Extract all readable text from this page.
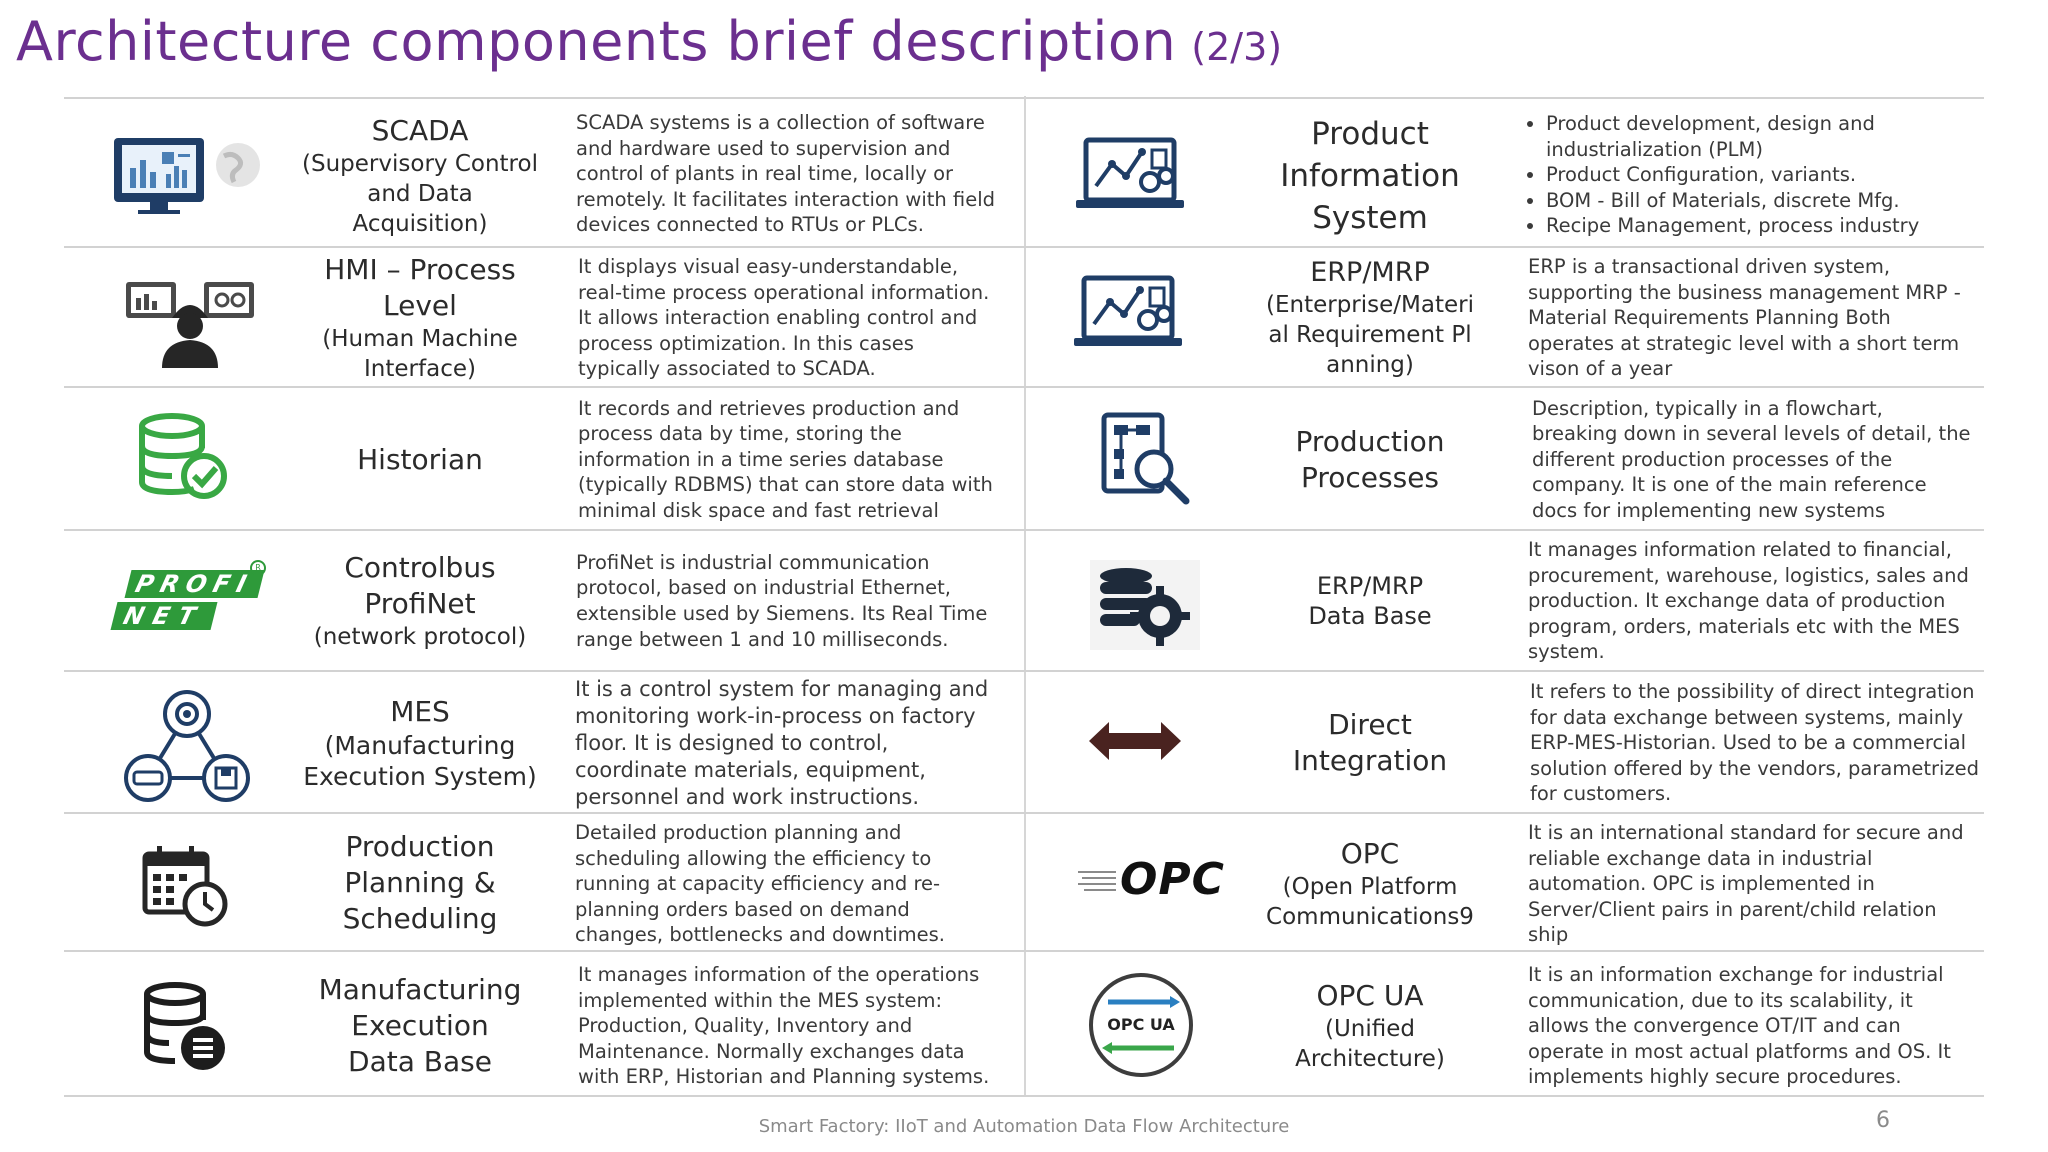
Architecture components brief description (2/3)
SCADA
(Supervisory Control and Data Acquisition)

SCADA systems is a collection of software and hardware used to supervision and control of plants in real time, locally or remotely. It facilitates interaction with field devices connected to RTUs or PLCs.

HMI – Process Level
(Human Machine Interface)

It displays visual easy-understandable, real-time process operational information. It allows interaction enabling control and process optimization. In this cases typically associated to SCADA.

Historian

It records and retrieves production and process data by time, storing the information in a time series database (typically RDBMS) that can store data with minimal disk space and fast retrieval

PROFI
NET
R	Controlbus ProfiNet
(network protocol)

ProfiNet is industrial communication protocol, based on industrial Ethernet, extensible used by Siemens. Its Real Time range between 1 and 10 milliseconds.

MES
(Manufacturing Execution System)

It is a control system for managing and monitoring work-in-process on factory floor. It is designed to control, coordinate materials, equipment, personnel and work instructions.

Production Planning & Scheduling

Detailed production planning and scheduling allowing the efficiency to running at capacity efficiency and re-planning orders based on demand changes, bottlenecks and downtimes.

Manufacturing Execution Data Base

It manages information of the operations implemented within the MES system: Production, Quality, Inventory and Maintenance. Normally exchanges data with ERP, Historian and Planning systems.

Product Information System
• Product development, design and industrialization (PLM)
• Product Configuration, variants.
• BOM - Bill of Materials, discrete Mfg.
• Recipe Management, process industry
ERP/MRP
(Enterprise/Material Requirement Planning)

ERP is a transactional driven system, supporting the business management MRP - Material Requirements Planning Both operates at strategic level with a short term vison of a year

Production Processes

Description, typically in a flowchart, breaking down in several levels of detail, the different production processes of the company. It is one of the main reference docs for implementing new systems

ERP/MRP Data Base

It manages information related to financial, procurement, warehouse, logistics, sales and production. It exchange data of production program, orders, materials etc with the MES system.

Direct Integration

It refers to the possibility of direct integration for data exchange between systems, mainly ERP-MES-Historian. Used to be a commercial solution offered by the vendors, parametrized for customers.

OPC
OPC
(Open Platform Communications9

It is an international standard for secure and reliable exchange data in industrial automation. OPC is implemented in Server/Client pairs in parent/child relation ship

OPC UA
OPC UA
(Unified Architecture)

It is an information exchange for industrial communication, due to its scalability, it allows the convergence OT/IT and can operate in most actual platforms and OS. It implements highly secure procedures.

Smart Factory: IIoT and Automation Data Flow Architecture	6
